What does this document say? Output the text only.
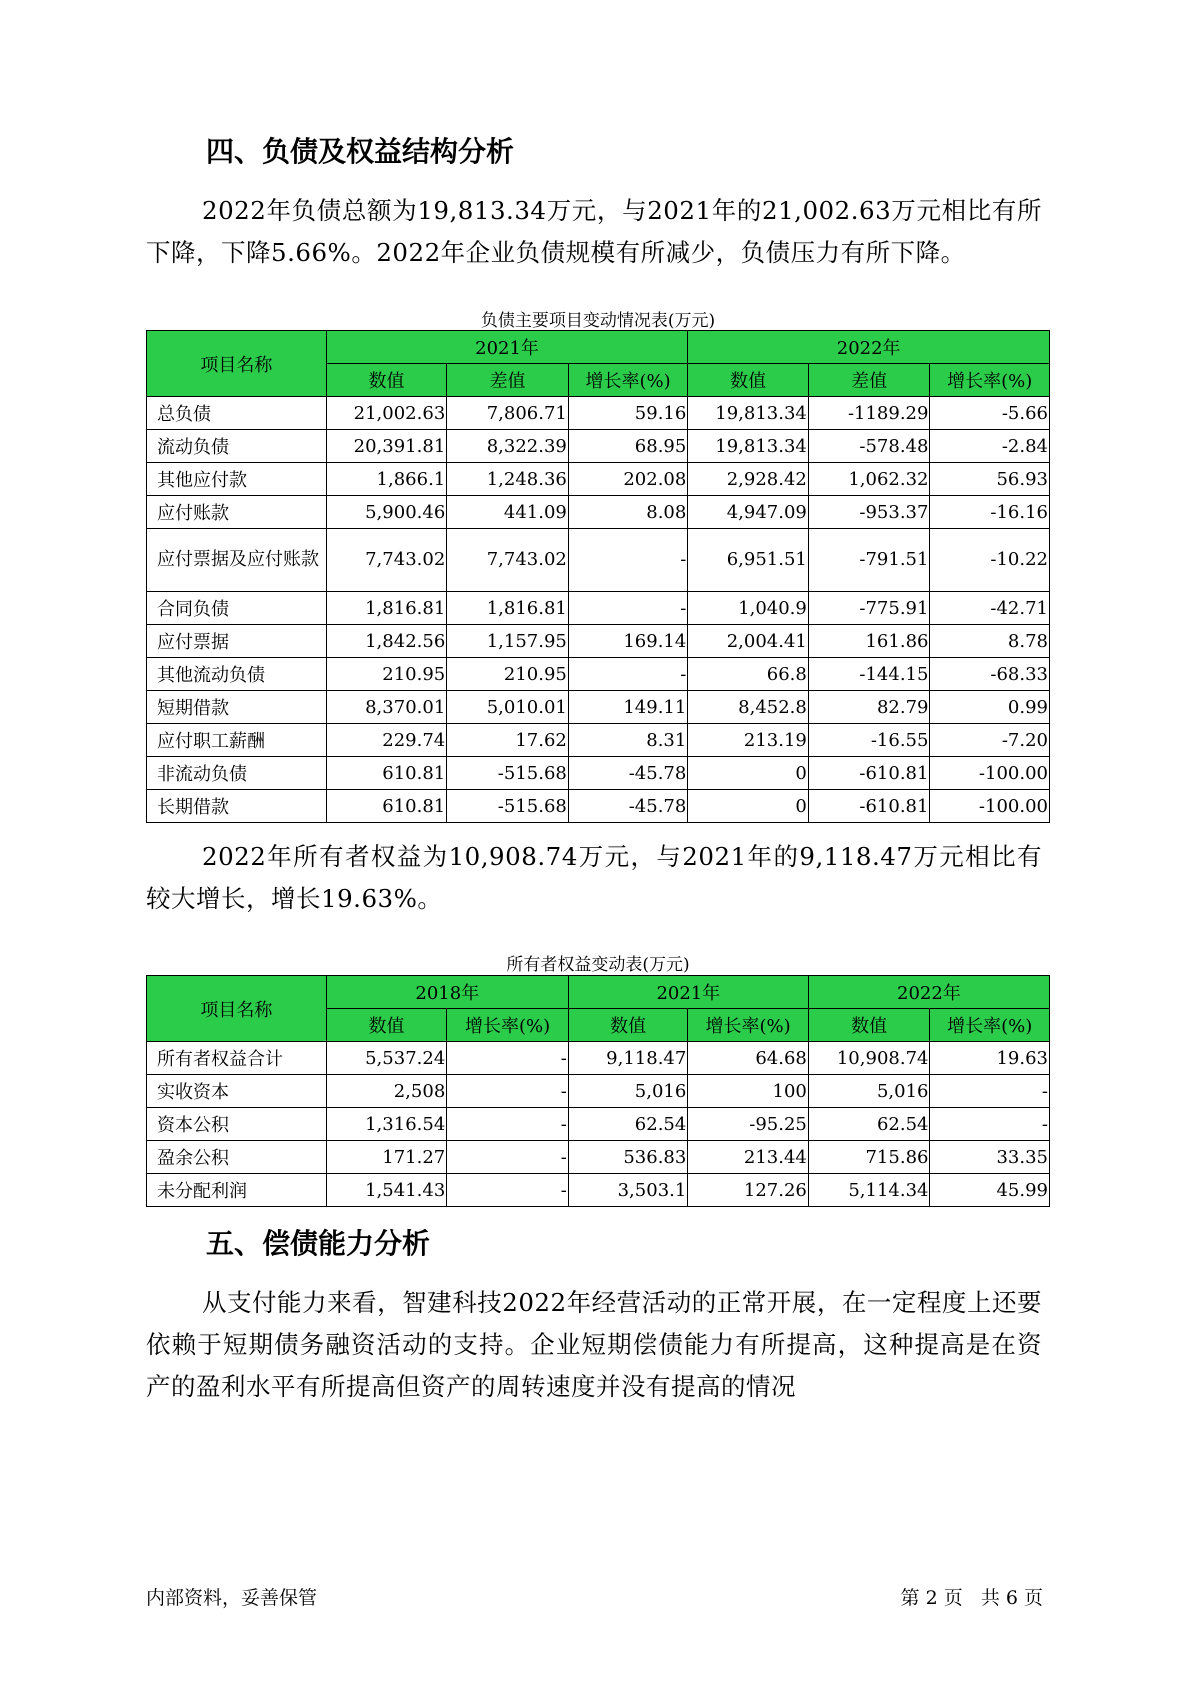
四、负债及权益结构分析

2022年负债总额为19,813.34万元，与2021年的21,002.63万元相比有所下降，下降5.66%。2022年企业负债规模有所减少，负债压力有所下降。

负债主要项目变动情况表(万元)

项目名称	2021年			2022年		
	数值	差值	增长率(%)	数值	差值	增长率(%)
总负债	21,002.63	7,806.71	59.16	19,813.34	-1189.29	-5.66
流动负债	20,391.81	8,322.39	68.95	19,813.34	-578.48	-2.84
其他应付款	1,866.1	1,248.36	202.08	2,928.42	1,062.32	56.93
应付账款	5,900.46	441.09	8.08	4,947.09	-953.37	-16.16
应付票据及应付账款	7,743.02	7,743.02	-	6,951.51	-791.51	-10.22
合同负债	1,816.81	1,816.81	-	1,040.9	-775.91	-42.71
应付票据	1,842.56	1,157.95	169.14	2,004.41	161.86	8.78
其他流动负债	210.95	210.95	-	66.8	-144.15	-68.33
短期借款	8,370.01	5,010.01	149.11	8,452.8	82.79	0.99
应付职工薪酬	229.74	17.62	8.31	213.19	-16.55	-7.20
非流动负债	610.81	-515.68	-45.78	0	-610.81	-100.00
长期借款	610.81	-515.68	-45.78	0	-610.81	-100.00

2022年所有者权益为10,908.74万元，与2021年的9,118.47万元相比有较大增长，增长19.63%。

所有者权益变动表(万元)

项目名称	2018年		2021年		2022年	
	数值	增长率(%)	数值	增长率(%)	数值	增长率(%)
所有者权益合计	5,537.24	-	9,118.47	64.68	10,908.74	19.63
实收资本	2,508	-	5,016	100	5,016	-
资本公积	1,316.54	-	62.54	-95.25	62.54	-
盈余公积	171.27	-	536.83	213.44	715.86	33.35
未分配利润	1,541.43	-	3,503.1	127.26	5,114.34	45.99
五、偿债能力分析

从支付能力来看，智建科技2022年经营活动的正常开展，在一定程度上还要依赖于短期债务融资活动的支持。企业短期偿债能力有所提高，这种提高是在资产的盈利水平有所提高但资产的周转速度并没有提高的情况

内部资料，妥善保管	第 2 页   共 6 页
